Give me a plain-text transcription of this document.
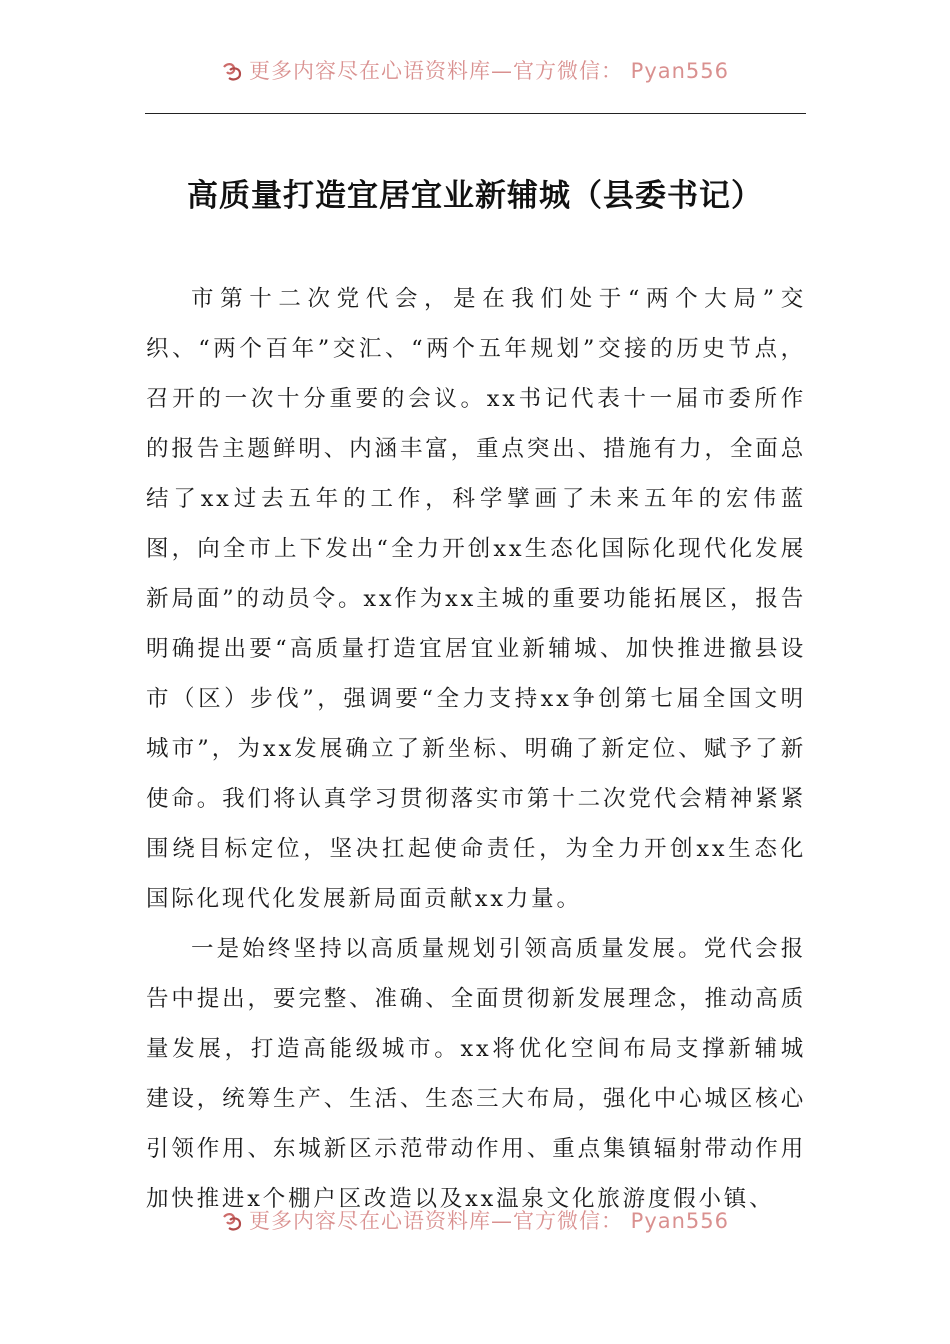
更多内容尽在心语资料库—官方微信： Pyan556
高质量打造宜居宜业新辅城（县委书记）

市第十二次党代会，是在我们处于“两个大局”交织、“两个百年”交汇、“两个五年规划”交接的历史节点，召开的一次十分重要的会议。xx书记代表十一届市委所作的报告主题鲜明、内涵丰富，重点突出、措施有力，全面总结了xx过去五年的工作，科学擘画了未来五年的宏伟蓝图，向全市上下发出“全力开创xx生态化国际化现代化发展新局面”的动员令。xx作为xx主城的重要功能拓展区，报告明确提出要“高质量打造宜居宜业新辅城、加快推进撤县设市（区）步伐”，强调要“全力支持xx争创第七届全国文明城市”，为xx发展确立了新坐标、明确了新定位、赋予了新使命。我们将认真学习贯彻落实市第十二次党代会精神紧紧围绕目标定位，坚决扛起使命责任，为全力开创xx生态化国际化现代化发展新局面贡献xx力量。

一是始终坚持以高质量规划引领高质量发展。党代会报告中提出，要完整、准确、全面贯彻新发展理念，推动高质量发展，打造高能级城市。xx将优化空间布局支撑新辅城建设，统筹生产、生活、生态三大布局，强化中心城区核心引领作用、东城新区示范带动作用、重点集镇辐射带动作用加快推进x个棚户区改造以及xx温泉文化旅游度假小镇、

更多内容尽在心语资料库—官方微信： Pyan556
